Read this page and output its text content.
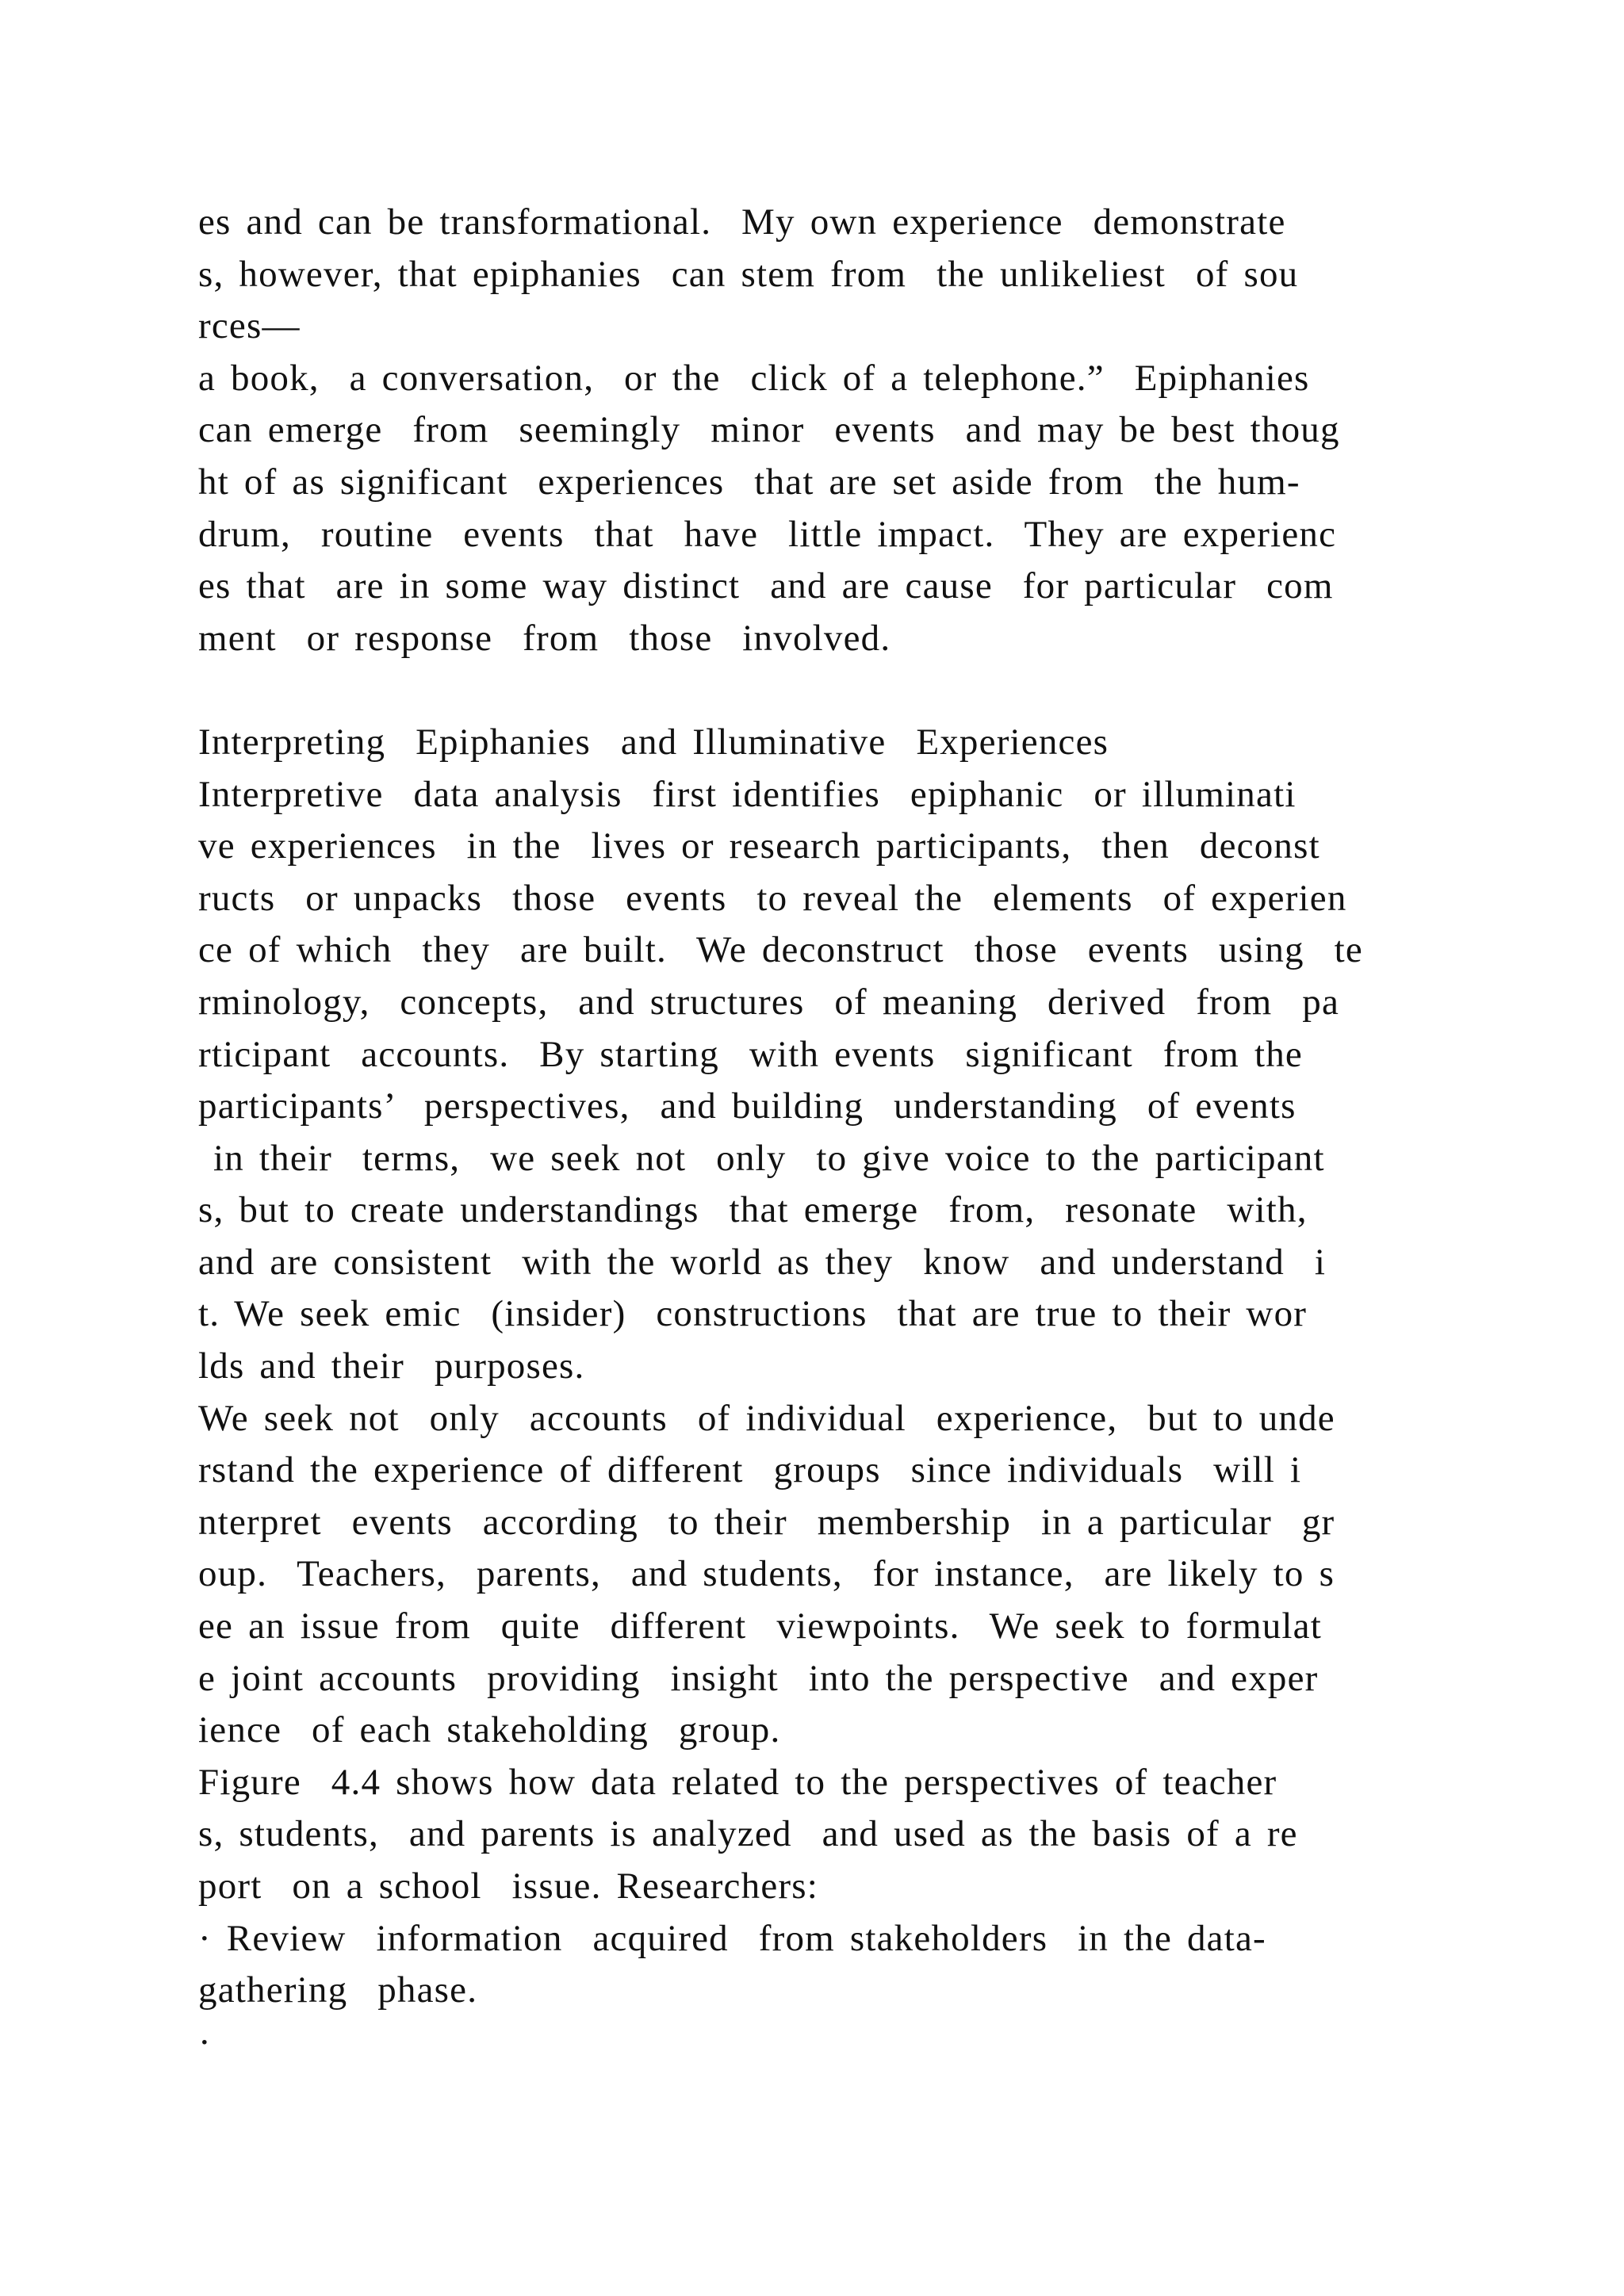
es and can be transformational.  My own experience  demonstrate
s, however, that epiphanies  can stem from  the unlikeliest  of sou
rces—
a book,  a conversation,  or the  click of a telephone.”  Epiphanies
can emerge  from  seemingly  minor  events  and may be best thoug
ht of as significant  experiences  that are set aside from  the hum-
drum,  routine  events  that  have  little impact.  They are experienc
es that  are in some way distinct  and are cause  for particular  com
ment  or response  from  those  involved.
Interpreting  Epiphanies  and Illuminative  Experiences
Interpretive  data analysis  first identifies  epiphanic  or illuminati
ve experiences  in the  lives or research participants,  then  deconst
ructs  or unpacks  those  events  to reveal the  elements  of experien
ce of which  they  are built.  We deconstruct  those  events  using  te
rminology,  concepts,  and structures  of meaning  derived  from  pa
rticipant  accounts.  By starting  with events  significant  from the
participants’  perspectives,  and building  understanding  of events
in their  terms,  we seek not  only  to give voice to the participant
s, but to create understandings  that emerge  from,  resonate  with,
and are consistent  with the world as they  know  and understand  i
t. We seek emic  (insider)  constructions  that are true to their wor
lds and their  purposes.
We seek not  only  accounts  of individual  experience,  but to unde
rstand the experience of different  groups  since individuals  will i
nterpret  events  according  to their  membership  in a particular  gr
oup.  Teachers,  parents,  and students,  for instance,  are likely to s
ee an issue from  quite  different  viewpoints.  We seek to formulat
e joint accounts  providing  insight  into the perspective  and exper
ience  of each stakeholding  group.
Figure  4.4 shows how data related to the perspectives of teacher
s, students,  and parents is analyzed  and used as the basis of a re
port  on a school  issue. Researchers:
· Review  information  acquired  from stakeholders  in the data-
gathering  phase.
·
